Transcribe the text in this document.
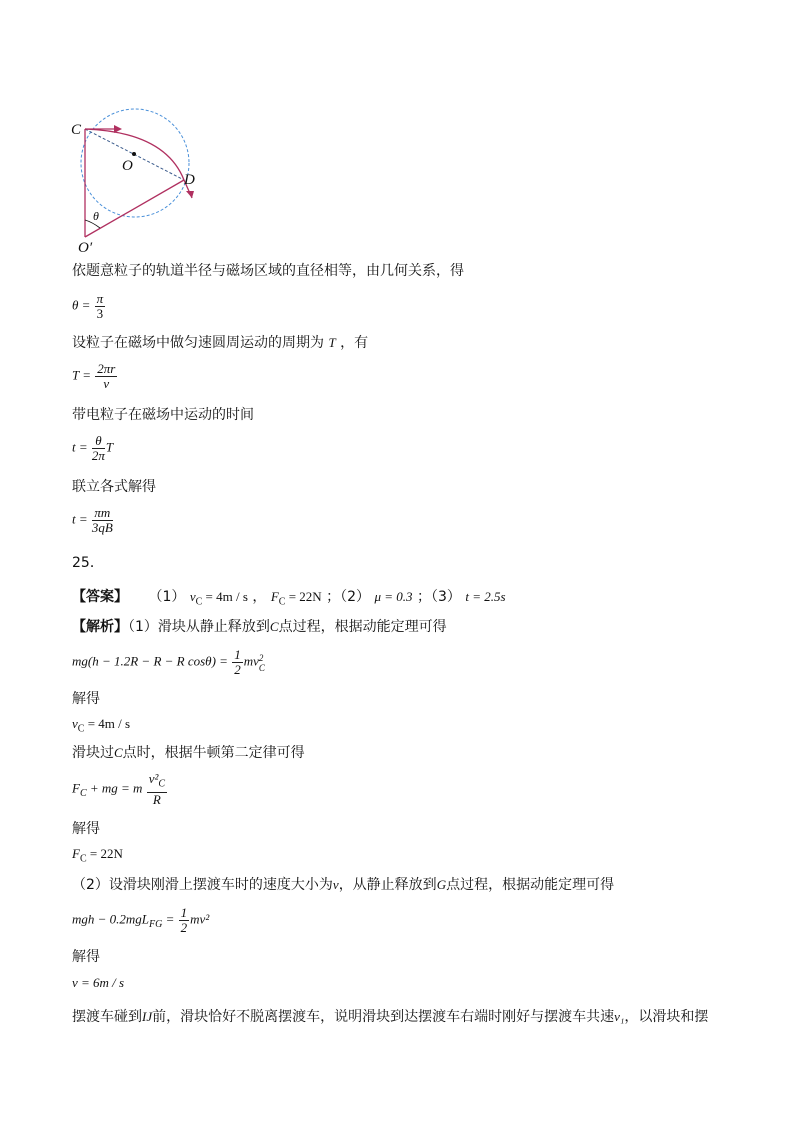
C
O
D
θ
O′
依题意粒子的轨道半径与磁场区域的直径相等，由几何关系，得
$\theta = \frac{\pi}{3}$
设粒子在磁场中做匀速圆周运动的周期为 T ，有
$T = \frac{2\pi r}{v}$
带电粒子在磁场中运动的时间
$t = \frac{\theta}{2\pi}$ T
联立各式解得
$t = \frac{\pi m}{3qB}$
25．
【答案】 （1） $v_C = 4m / s$ ， $F_C = 22N$ ；（2） μ = 0.3 ；（3） t = 2.5s
【解析】（1）滑块从静止释放到C点过程，根据动能定理可得
mg(h − 1.2R − R − R $\cos\theta) = \frac{1}{2}$ mv 2
C
解得
$v_C = 4m / s$
滑块过C点时，根据牛顿第二定律可得
$F_C$ + mg = m $\frac{v^2_C}{R}$
解得
$F_C = 22N$
（2）设滑块刚滑上摆渡车时的速度大小为v，从静止释放到G点过程，根据动能定理可得
mgh − $0.2mgL_{FG} = \frac{1}{2} mv^2$
解得
v = 6m / s
摆渡车碰到IJ前，滑块恰好不脱离摆渡车，说明滑块到达摆渡车右端时刚好与摆渡车共速v₁，以滑块和摆
